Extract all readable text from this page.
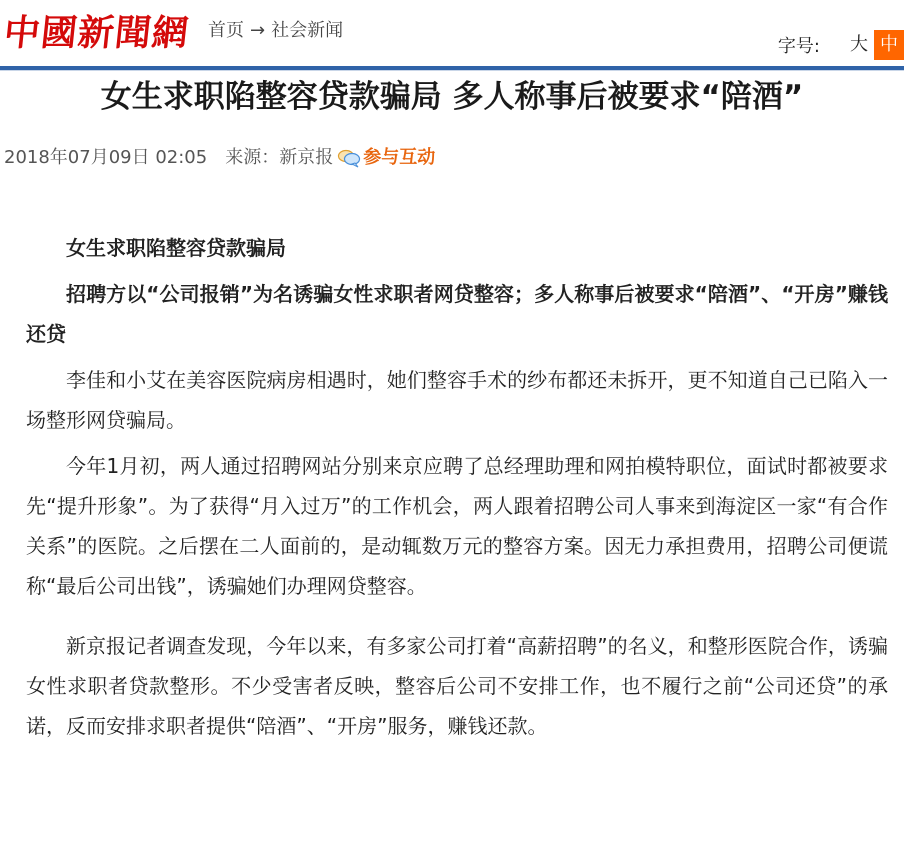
中國新聞網 首页 → 社会新闻
字号:	大 中
女生求职陷整容贷款骗局 多人称事后被要求“陪酒”
2018年07月09日 02:05 来源：新京报 参与互动

女生求职陷整容贷款骗局

招聘方以“公司报销”为名诱骗女性求职者网贷整容；多人称事后被要求“陪酒”、“开房”赚钱还贷

李佳和小艾在美容医院病房相遇时，她们整容手术的纱布都还未拆开，更不知道自己已陷入一场整形网贷骗局。

今年1月初，两人通过招聘网站分别来京应聘了总经理助理和网拍模特职位，面试时都被要求先“提升形象”。为了获得“月入过万”的工作机会，两人跟着招聘公司人事来到海淀区一家“有合作关系”的医院。之后摆在二人面前的，是动辄数万元的整容方案。因无力承担费用，招聘公司便谎称“最后公司出钱”，诱骗她们办理网贷整容。

新京报记者调查发现，今年以来，有多家公司打着“高薪招聘”的名义，和整形医院合作，诱骗女性求职者贷款整形。不少受害者反映，整容后公司不安排工作，也不履行之前“公司还贷”的承诺，反而安排求职者提供“陪酒”、“开房”服务，赚钱还款。
